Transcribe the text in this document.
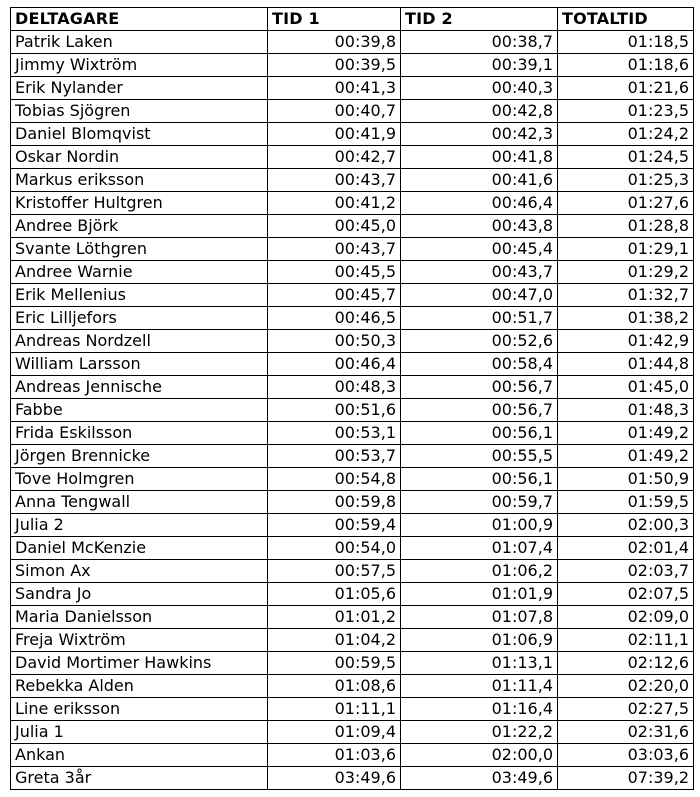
DELTAGARE	TID 1	TID 2	TOTALTID
Patrik Laken	00:39,8	00:38,7	01:18,5
Jimmy Wixtröm	00:39,5	00:39,1	01:18,6
Erik Nylander	00:41,3	00:40,3	01:21,6
Tobias Sjögren	00:40,7	00:42,8	01:23,5
Daniel Blomqvist	00:41,9	00:42,3	01:24,2
Oskar Nordin	00:42,7	00:41,8	01:24,5
Markus eriksson	00:43,7	00:41,6	01:25,3
Kristoffer Hultgren	00:41,2	00:46,4	01:27,6
Andree Björk	00:45,0	00:43,8	01:28,8
Svante Löthgren	00:43,7	00:45,4	01:29,1
Andree Warnie	00:45,5	00:43,7	01:29,2
Erik Mellenius	00:45,7	00:47,0	01:32,7
Eric Lilljefors	00:46,5	00:51,7	01:38,2
Andreas Nordzell	00:50,3	00:52,6	01:42,9
William Larsson	00:46,4	00:58,4	01:44,8
Andreas Jennische	00:48,3	00:56,7	01:45,0
Fabbe	00:51,6	00:56,7	01:48,3
Frida Eskilsson	00:53,1	00:56,1	01:49,2
Jörgen Brennicke	00:53,7	00:55,5	01:49,2
Tove Holmgren	00:54,8	00:56,1	01:50,9
Anna Tengwall	00:59,8	00:59,7	01:59,5
Julia 2	00:59,4	01:00,9	02:00,3
Daniel McKenzie	00:54,0	01:07,4	02:01,4
Simon Ax	00:57,5	01:06,2	02:03,7
Sandra Jo	01:05,6	01:01,9	02:07,5
Maria Danielsson	01:01,2	01:07,8	02:09,0
Freja Wixtröm	01:04,2	01:06,9	02:11,1
David Mortimer Hawkins	00:59,5	01:13,1	02:12,6
Rebekka Alden	01:08,6	01:11,4	02:20,0
Line eriksson	01:11,1	01:16,4	02:27,5
Julia 1	01:09,4	01:22,2	02:31,6
Ankan	01:03,6	02:00,0	03:03,6
Greta 3år	03:49,6	03:49,6	07:39,2
